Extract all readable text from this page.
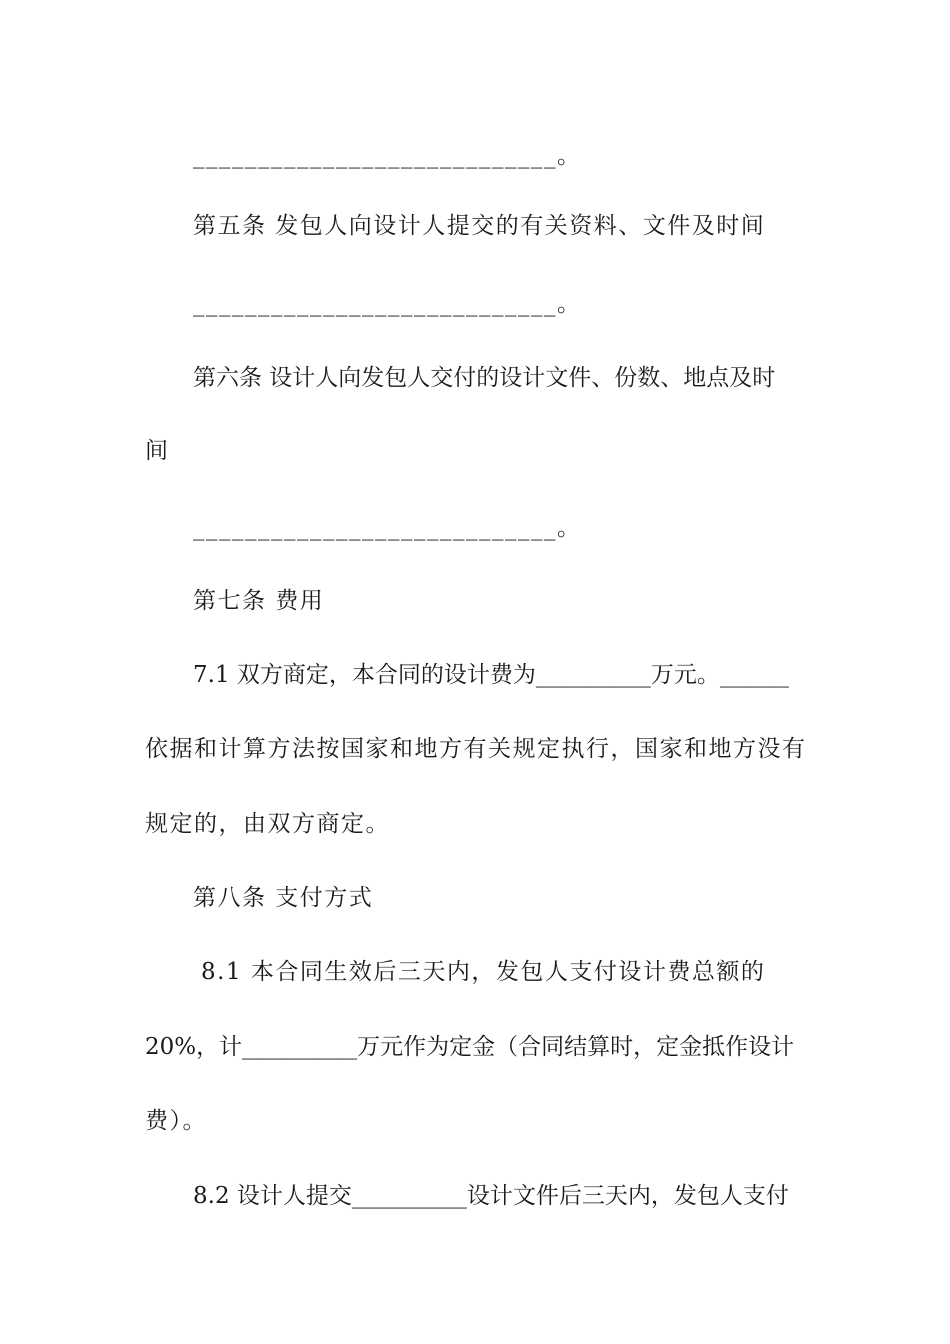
____________________________。
第五条 发包人向设计人提交的有关资料、文件及时间
____________________________。
第六条 设计人向发包人交付的设计文件、份数、地点及时
间
____________________________。
第七条 费用
7.1 双方商定，本合同的设计费为__________万元。______
依据和计算方法按国家和地方有关规定执行，国家和地方没有
规定的，由双方商定。
第八条 支付方式
8.1 本合同生效后三天内，发包人支付设计费总额的
20%，计__________万元作为定金（合同结算时，定金抵作设计
费）。
8.2 设计人提交__________设计文件后三天内，发包人支付
